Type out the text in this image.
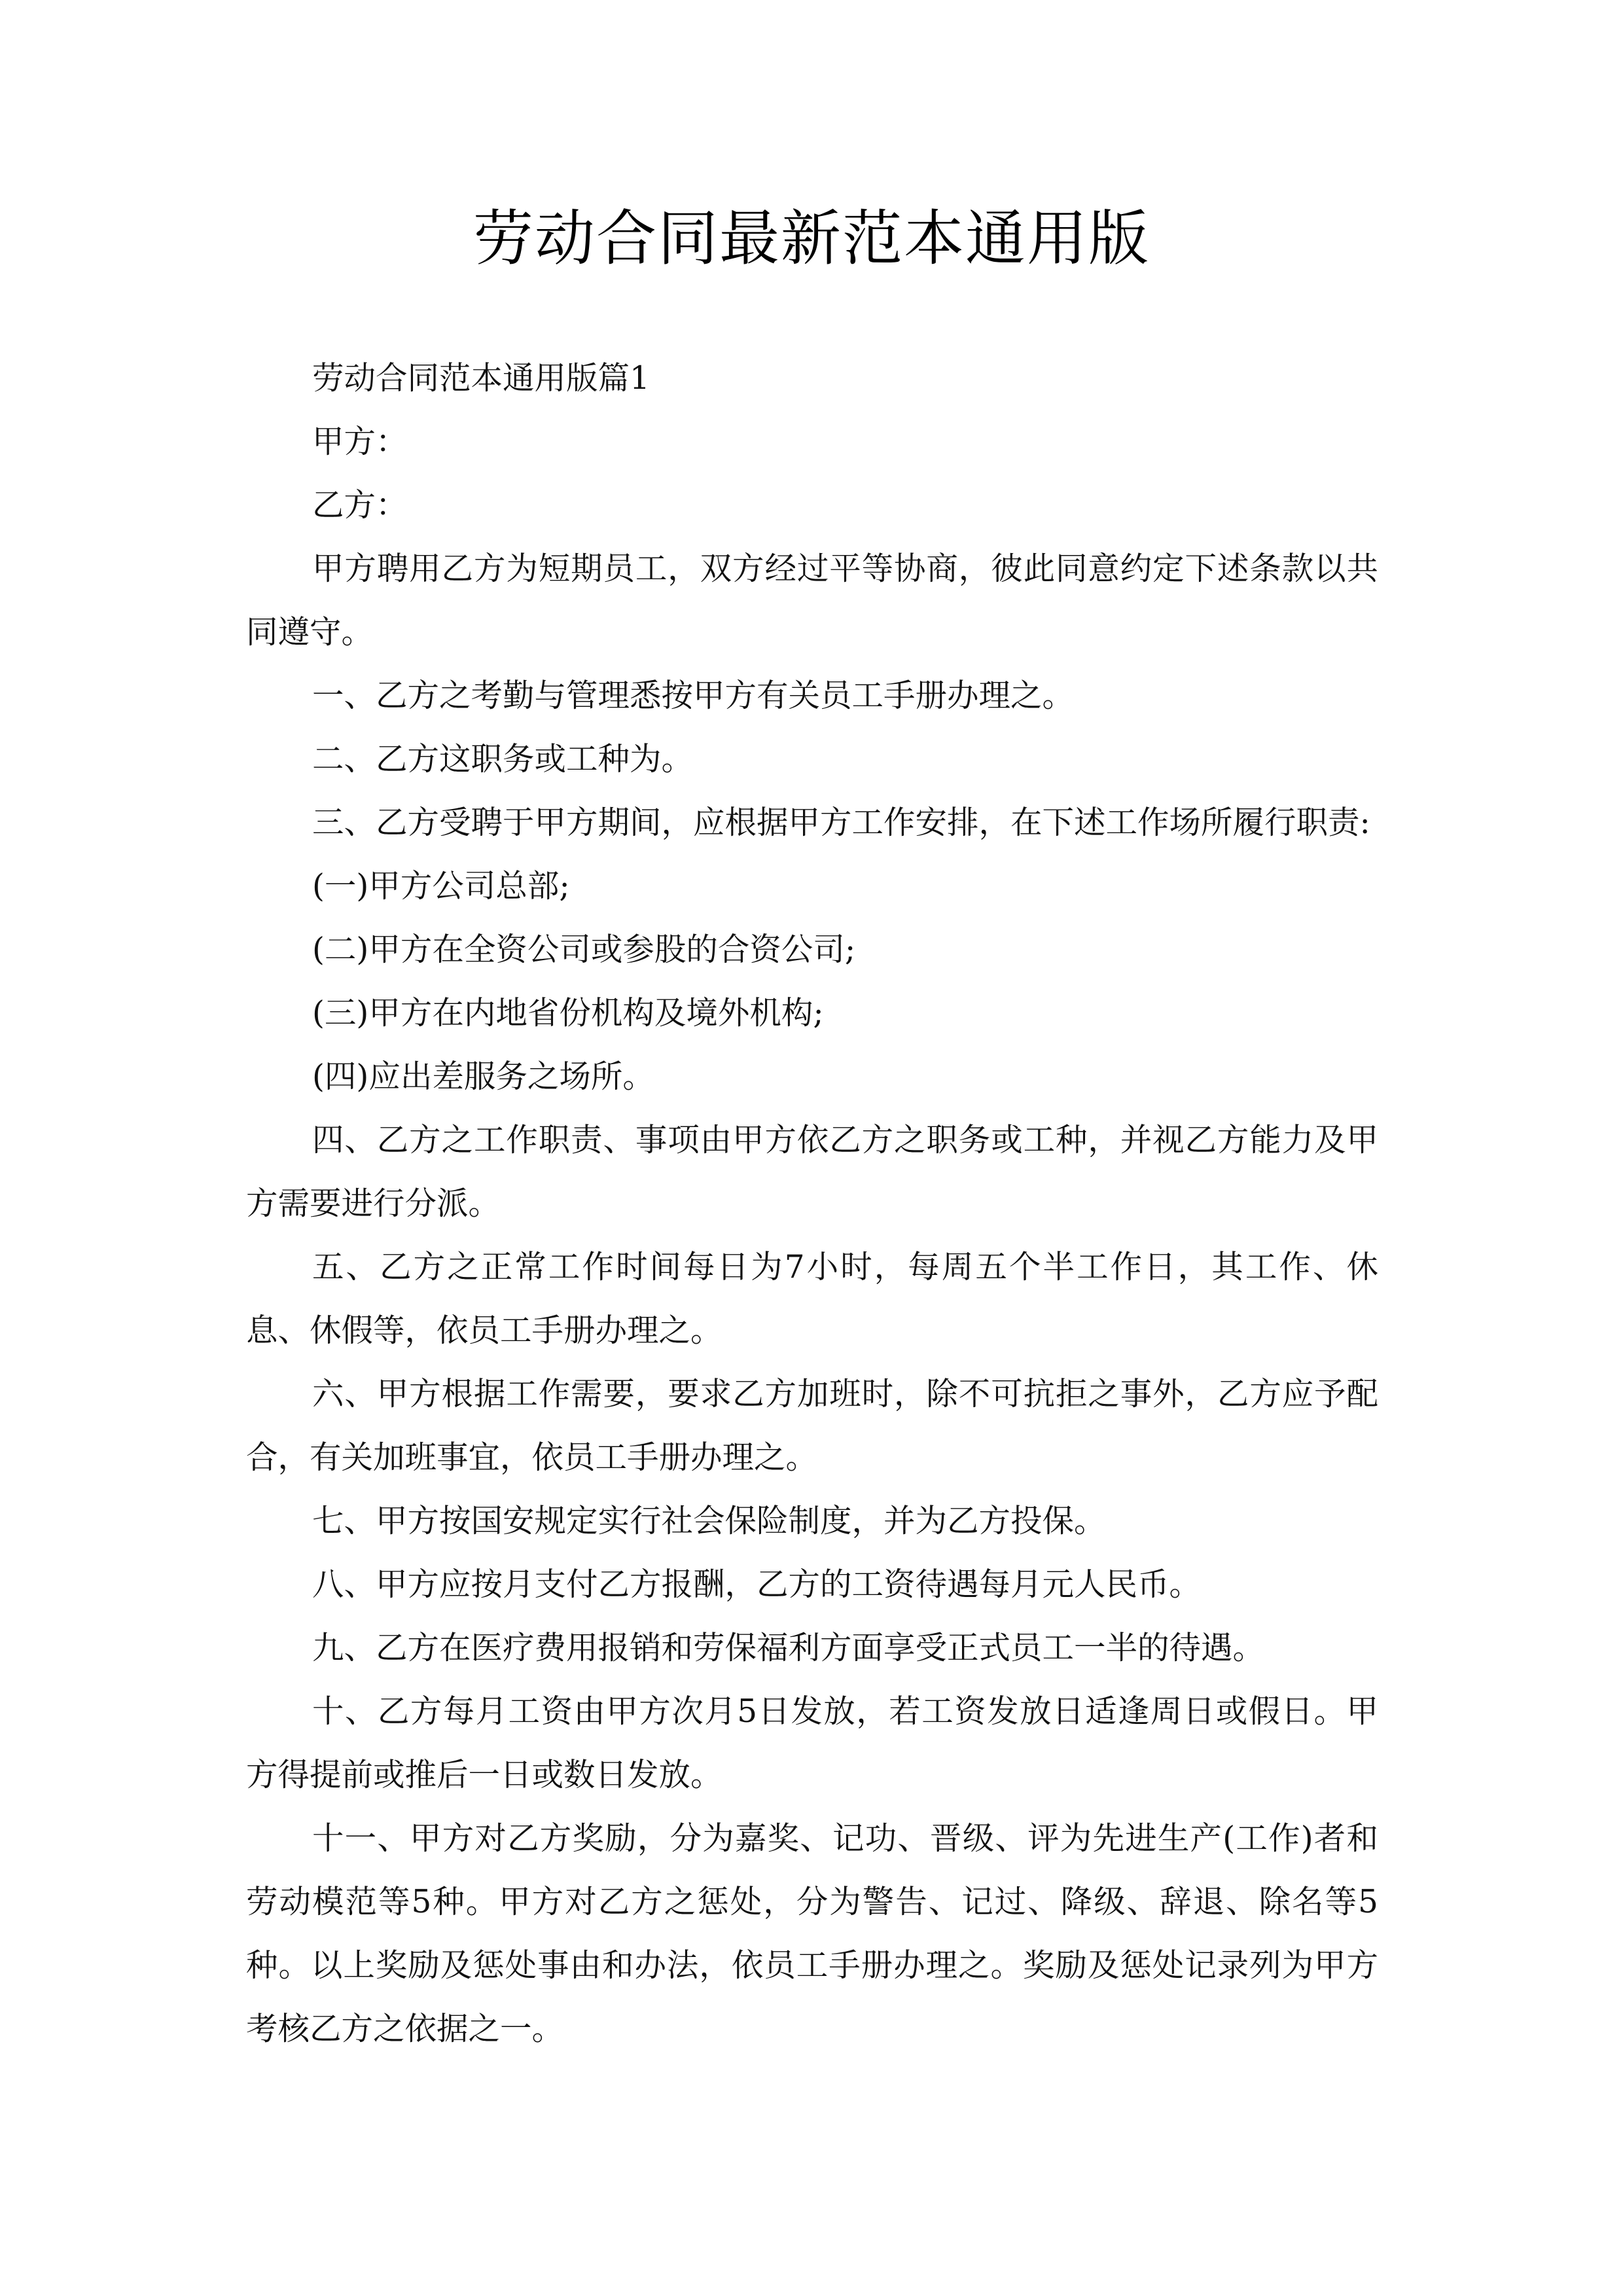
劳动合同最新范本通用版

劳动合同范本通用版篇1

甲方：

乙方：

甲方聘用乙方为短期员工，双方经过平等协商，彼此同意约定下述条款以共同遵守。

一、乙方之考勤与管理悉按甲方有关员工手册办理之。

二、乙方这职务或工种为。

三、乙方受聘于甲方期间，应根据甲方工作安排，在下述工作场所履行职责:

(一)甲方公司总部;

(二)甲方在全资公司或参股的合资公司;

(三)甲方在内地省份机构及境外机构;

(四)应出差服务之场所。

四、乙方之工作职责、事项由甲方依乙方之职务或工种，并视乙方能力及甲方需要进行分派。

五、乙方之正常工作时间每日为7小时，每周五个半工作日，其工作、休息、休假等，依员工手册办理之。

六、甲方根据工作需要，要求乙方加班时，除不可抗拒之事外，乙方应予配合，有关加班事宜，依员工手册办理之。

七、甲方按国安规定实行社会保险制度，并为乙方投保。

八、甲方应按月支付乙方报酬，乙方的工资待遇每月元人民币。

九、乙方在医疗费用报销和劳保福利方面享受正式员工一半的待遇。

十、乙方每月工资由甲方次月5日发放，若工资发放日适逢周日或假日。甲方得提前或推后一日或数日发放。

十一、甲方对乙方奖励，分为嘉奖、记功、晋级、评为先进生产(工作)者和劳动模范等5种。甲方对乙方之惩处，分为警告、记过、降级、辞退、除名等5种。以上奖励及惩处事由和办法，依员工手册办理之。奖励及惩处记录列为甲方考核乙方之依据之一。
